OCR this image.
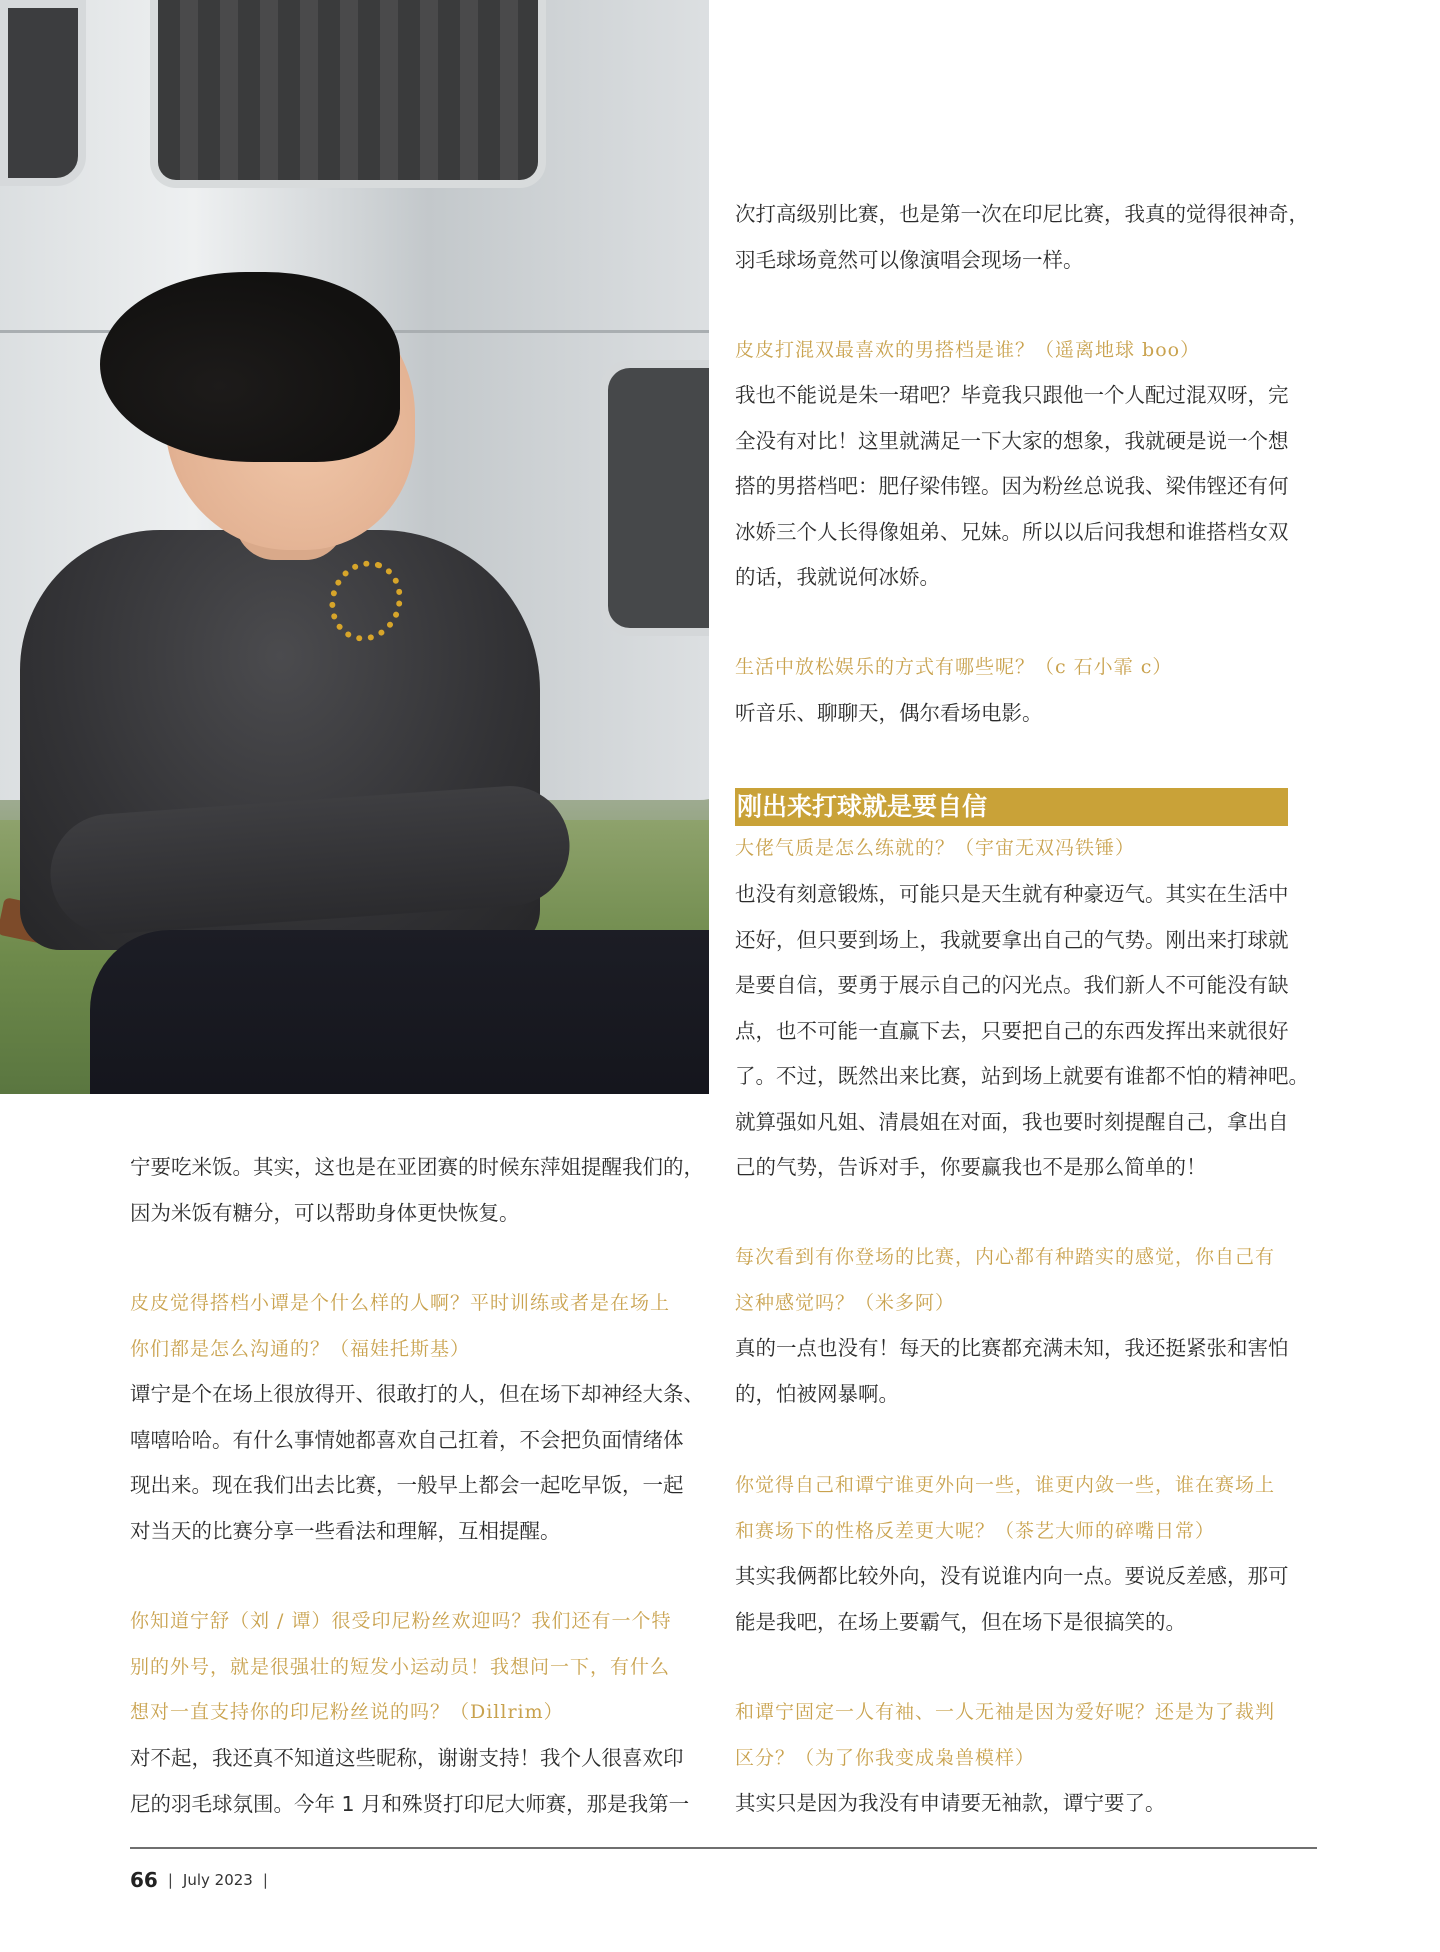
次打高级别比赛，也是第一次在印尼比赛，我真的觉得很神奇，

羽毛球场竟然可以像演唱会现场一样。

皮皮打混双最喜欢的男搭档是谁？（遥离地球 boo）

我也不能说是朱一珺吧？毕竟我只跟他一个人配过混双呀，完

全没有对比！这里就满足一下大家的想象，我就硬是说一个想

搭的男搭档吧：肥仔梁伟铿。因为粉丝总说我、梁伟铿还有何

冰娇三个人长得像姐弟、兄妹。所以以后问我想和谁搭档女双

的话，我就说何冰娇。

生活中放松娱乐的方式有哪些呢？（c 石小霏 c）

听音乐、聊聊天，偶尔看场电影。

刚出来打球就是要自信

大佬气质是怎么练就的？（宇宙无双冯铁锤）

也没有刻意锻炼，可能只是天生就有种豪迈气。其实在生活中

还好，但只要到场上，我就要拿出自己的气势。刚出来打球就

是要自信，要勇于展示自己的闪光点。我们新人不可能没有缺

点，也不可能一直赢下去，只要把自己的东西发挥出来就很好

了。不过，既然出来比赛，站到场上就要有谁都不怕的精神吧。

就算强如凡姐、清晨姐在对面，我也要时刻提醒自己，拿出自

己的气势，告诉对手，你要赢我也不是那么简单的！

每次看到有你登场的比赛，内心都有种踏实的感觉，你自己有

这种感觉吗？（米多阿）

真的一点也没有！每天的比赛都充满未知，我还挺紧张和害怕

的，怕被网暴啊。

你觉得自己和谭宁谁更外向一些，谁更内敛一些，谁在赛场上

和赛场下的性格反差更大呢？（茶艺大师的碎嘴日常）

其实我俩都比较外向，没有说谁内向一点。要说反差感，那可

能是我吧，在场上要霸气，但在场下是很搞笑的。

和谭宁固定一人有袖、一人无袖是因为爱好呢？还是为了裁判

区分？（为了你我变成枭兽模样）

其实只是因为我没有申请要无袖款，谭宁要了。

宁要吃米饭。其实，这也是在亚团赛的时候东萍姐提醒我们的，

因为米饭有糖分，可以帮助身体更快恢复。

皮皮觉得搭档小谭是个什么样的人啊？平时训练或者是在场上

你们都是怎么沟通的？（福娃托斯基）

谭宁是个在场上很放得开、很敢打的人，但在场下却神经大条、

嘻嘻哈哈。有什么事情她都喜欢自己扛着，不会把负面情绪体

现出来。现在我们出去比赛，一般早上都会一起吃早饭，一起

对当天的比赛分享一些看法和理解，互相提醒。

你知道宁舒（刘 / 谭）很受印尼粉丝欢迎吗？我们还有一个特

别的外号，就是很强壮的短发小运动员！我想问一下，有什么

想对一直支持你的印尼粉丝说的吗？（Dillrim）

对不起，我还真不知道这些昵称，谢谢支持！我个人很喜欢印

尼的羽毛球氛围。今年 1 月和殊贤打印尼大师赛，那是我第一

66 | July 2023 |
